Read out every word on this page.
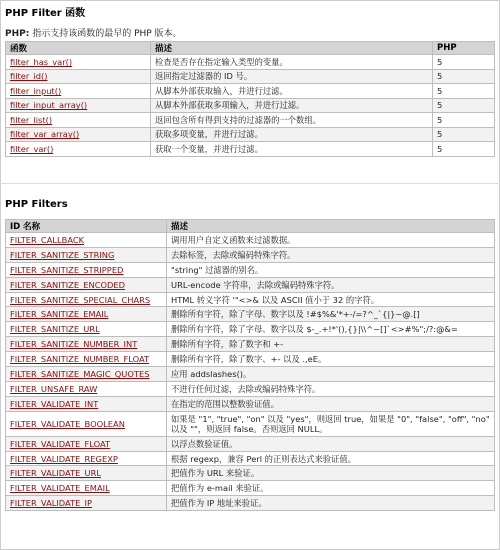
PHP Filter 函数

PHP: 指示支持该函数的最早的 PHP 版本。

函数	描述	PHP
filter_has_var()	检查是否存在指定输入类型的变量。	5
filter_id()	返回指定过滤器的 ID 号。	5
filter_input()	从脚本外部获取输入，并进行过滤。	5
filter_input_array()	从脚本外部获取多项输入，并进行过滤。	5
filter_list()	返回包含所有得到支持的过滤器的一个数组。	5
filter_var_array()	获取多项变量，并进行过滤。	5
filter_var()	获取一个变量，并进行过滤。	5

PHP Filters

ID 名称	描述
FILTER_CALLBACK	调用用户自定义函数来过滤数据。
FILTER_SANITIZE_STRING	去除标签，去除或编码特殊字符。
FILTER_SANITIZE_STRIPPED	"string" 过滤器的别名。
FILTER_SANITIZE_ENCODED	URL-encode 字符串，去除或编码特殊字符。
FILTER_SANITIZE_SPECIAL_CHARS	HTML 转义字符 '"<>& 以及 ASCII 值小于 32 的字符。
FILTER_SANITIZE_EMAIL	删除所有字符，除了字母、数字以及 !#$%&'*+-/=?^_`{|}~@.[]
FILTER_SANITIZE_URL	删除所有字符，除了字母、数字以及 $-_.+!*'(),{}|\\^~[]`<>#%";/?:@&=
FILTER_SANITIZE_NUMBER_INT	删除所有字符，除了数字和 +-
FILTER_SANITIZE_NUMBER_FLOAT	删除所有字符，除了数字、+- 以及 .,eE。
FILTER_SANITIZE_MAGIC_QUOTES	应用 addslashes()。
FILTER_UNSAFE_RAW	不进行任何过滤，去除或编码特殊字符。
FILTER_VALIDATE_INT	在指定的范围以整数验证值。
FILTER_VALIDATE_BOOLEAN	如果是 "1", "true", "on" 以及 "yes"，则返回 true，如果是 "0", "false", "off", "no" 以及 ""，则返回 false。否则返回 NULL。
FILTER_VALIDATE_FLOAT	以浮点数验证值。
FILTER_VALIDATE_REGEXP	根据 regexp，兼容 Perl 的正则表达式来验证值。
FILTER_VALIDATE_URL	把值作为 URL 来验证。
FILTER_VALIDATE_EMAIL	把值作为 e-mail 来验证。
FILTER_VALIDATE_IP	把值作为 IP 地址来验证。
